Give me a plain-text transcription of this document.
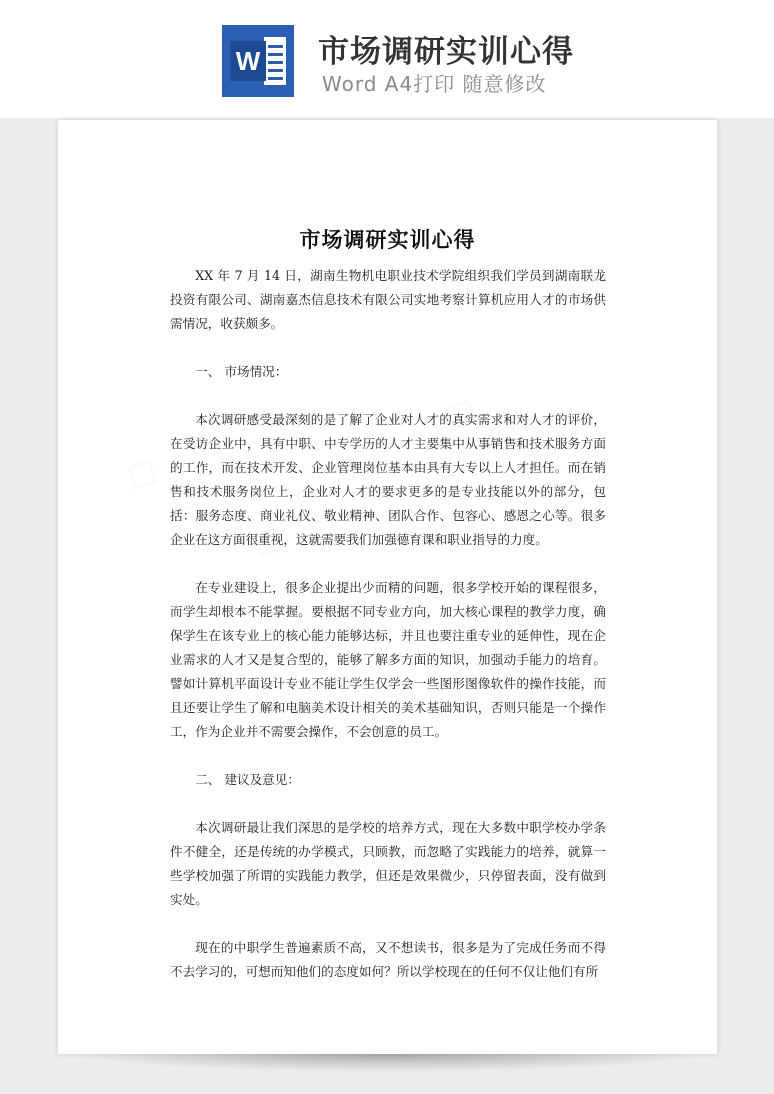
W 市场调研实训心得
Word A4打印 随意修改
市场调研实训心得

XX 年 7 月 14 日，湖南生物机电职业技术学院组织我们学员到湖南联龙投资有限公司、湖南嘉杰信息技术有限公司实地考察计算机应用人才的市场供需情况，收获颇多。

一、 市场情况：

本次调研感受最深刻的是了解了企业对人才的真实需求和对人才的评价，在受访企业中，具有中职、中专学历的人才主要集中从事销售和技术服务方面的工作，而在技术开发、企业管理岗位基本由具有大专以上人才担任。而在销售和技术服务岗位上，企业对人才的要求更多的是专业技能以外的部分，包括：服务态度、商业礼仪、敬业精神、团队合作、包容心、感恩之心等。很多企业在这方面很重视，这就需要我们加强德育课和职业指导的力度。

在专业建设上，很多企业提出少而精的问题，很多学校开始的课程很多，而学生却根本不能掌握。要根据不同专业方向，加大核心课程的教学力度，确保学生在该专业上的核心能力能够达标，并且也要注重专业的延伸性，现在企业需求的人才又是复合型的，能够了解多方面的知识，加强动手能力的培育。譬如计算机平面设计专业不能让学生仅学会一些图形图像软件的操作技能，而且还要让学生了解和电脑美术设计相关的美术基础知识，否则只能是一个操作工，作为企业并不需要会操作，不会创意的员工。

二、 建议及意见：

本次调研最让我们深思的是学校的培养方式，现在大多数中职学校办学条件不健全，还是传统的办学模式，只顾教，而忽略了实践能力的培养，就算一些学校加强了所谓的实践能力教学，但还是效果微少，只停留表面，没有做到实处。

现在的中职学生普遍素质不高，又不想读书，很多是为了完成任务而不得不去学习的，可想而知他们的态度如何？所以学校现在的任何不仅让他们有所
